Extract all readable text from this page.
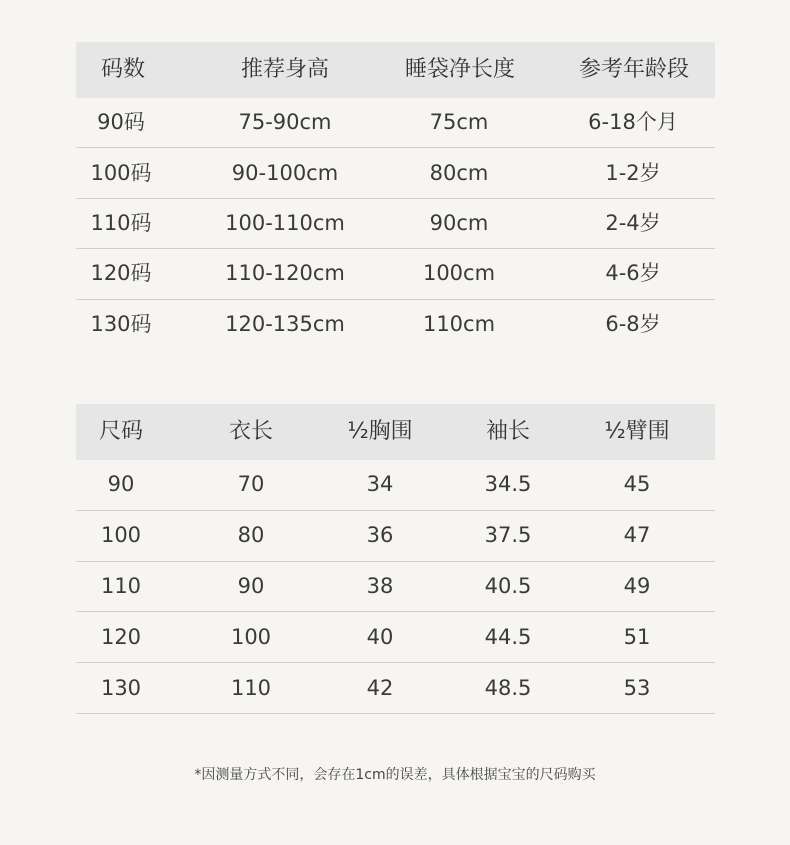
码数	推荐身高	睡袋净长度	参考年龄段
90码	75-90cm	75cm	6-18个月
100码	90-100cm	80cm	1-2岁
110码	100-110cm	90cm	2-4岁
120码	110-120cm	100cm	4-6岁
130码	120-135cm	110cm	6-8岁
尺码	衣长	½胸围	袖长	½臂围
90	70	34	34.5	45
100	80	36	37.5	47
110	90	38	40.5	49
120	100	40	44.5	51
130	110	42	48.5	53
*因测量方式不同，会存在1cm的误差，具体根据宝宝的尺码购买
